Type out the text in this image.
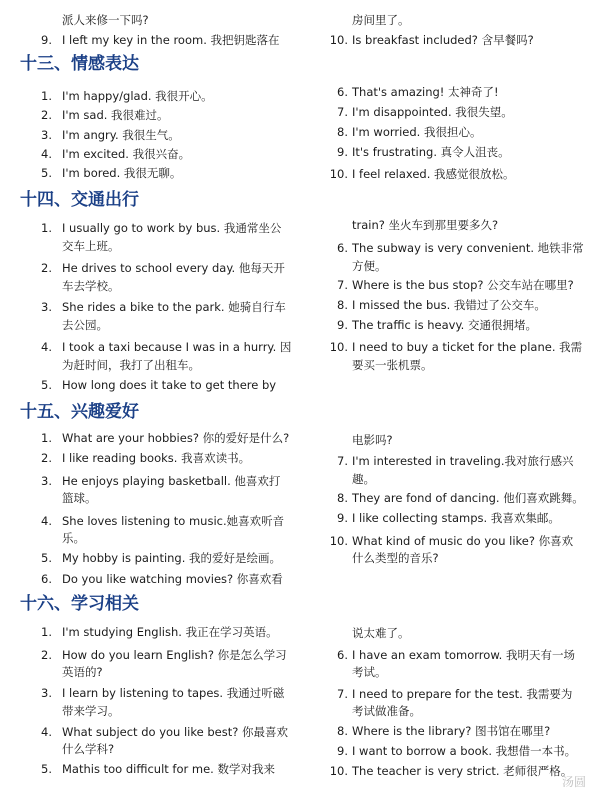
派人来修一下吗?
9. I left my key in the room. 我把钥匙落在
房间里了。
10. Is breakfast included? 含早餐吗?
十三、情感表达
1. I'm happy/glad. 我很开心。
2. I'm sad. 我很难过。
3. I'm angry. 我很生气。
4. I'm excited. 我很兴奋。
5. I'm bored. 我很无聊。
6. That's amazing! 太神奇了!
7. I'm disappointed. 我很失望。
8. I'm worried. 我很担心。
9. It's frustrating. 真令人沮丧。
10. I feel relaxed. 我感觉很放松。
十四、交通出行
1. I usually go to work by bus. 我通常坐公
交车上班。
2. He drives to school every day. 他每天开
车去学校。
3. She rides a bike to the park. 她骑自行车
去公园。
4. I took a taxi because I was in a hurry. 因
为赶时间，我打了出租车。
5. How long does it take to get there by
train? 坐火车到那里要多久?
6. The subway is very convenient. 地铁非常
方便。
7. Where is the bus stop? 公交车站在哪里?
8. I missed the bus. 我错过了公交车。
9. The traffic is heavy. 交通很拥堵。
10. I need to buy a ticket for the plane. 我需
要买一张机票。
十五、兴趣爱好
1. What are your hobbies? 你的爱好是什么?
2. I like reading books. 我喜欢读书。
3. He enjoys playing basketball. 他喜欢打
篮球。
4. She loves listening to music.她喜欢听音
乐。
5. My hobby is painting. 我的爱好是绘画。
6. Do you like watching movies? 你喜欢看
电影吗?
7. I'm interested in traveling.我对旅行感兴
趣。
8. They are fond of dancing. 他们喜欢跳舞。
9. I like collecting stamps. 我喜欢集邮。
10. What kind of music do you like? 你喜欢
什么类型的音乐?
十六、学习相关
1. I'm studying English. 我正在学习英语。
2. How do you learn English? 你是怎么学习
英语的?
3. I learn by listening to tapes. 我通过听磁
带来学习。
4. What subject do you like best? 你最喜欢
什么学科?
5. Mathis too difficult for me. 数学对我来
说太难了。
6. I have an exam tomorrow. 我明天有一场
考试。
7. I need to prepare for the test. 我需要为
考试做准备。
8. Where is the library? 图书馆在哪里?
9. I want to borrow a book. 我想借一本书。
10. The teacher is very strict. 老师很严格。
汤圆
